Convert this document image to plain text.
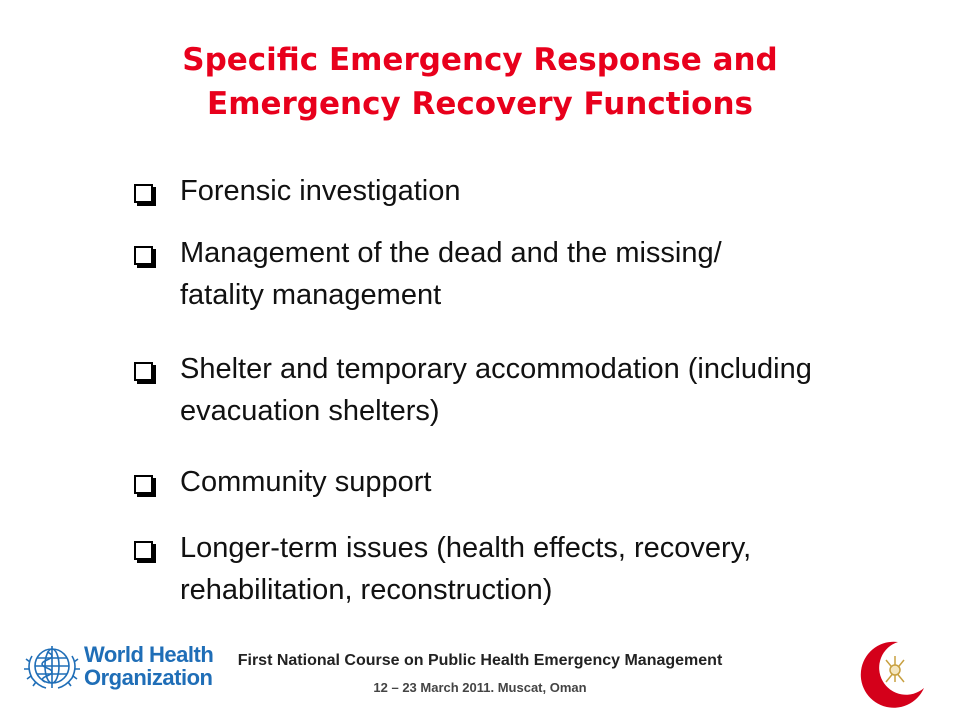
Specific Emergency Response and
Emergency Recovery Functions
Forensic investigation
Management of the dead and the missing/
fatality management
Shelter and temporary accommodation (including
evacuation shelters)
Community support
Longer-term issues (health effects, recovery,
rehabilitation, reconstruction)
World Health
Organization
First National Course on Public Health Emergency Management
12 – 23 March 2011. Muscat, Oman
